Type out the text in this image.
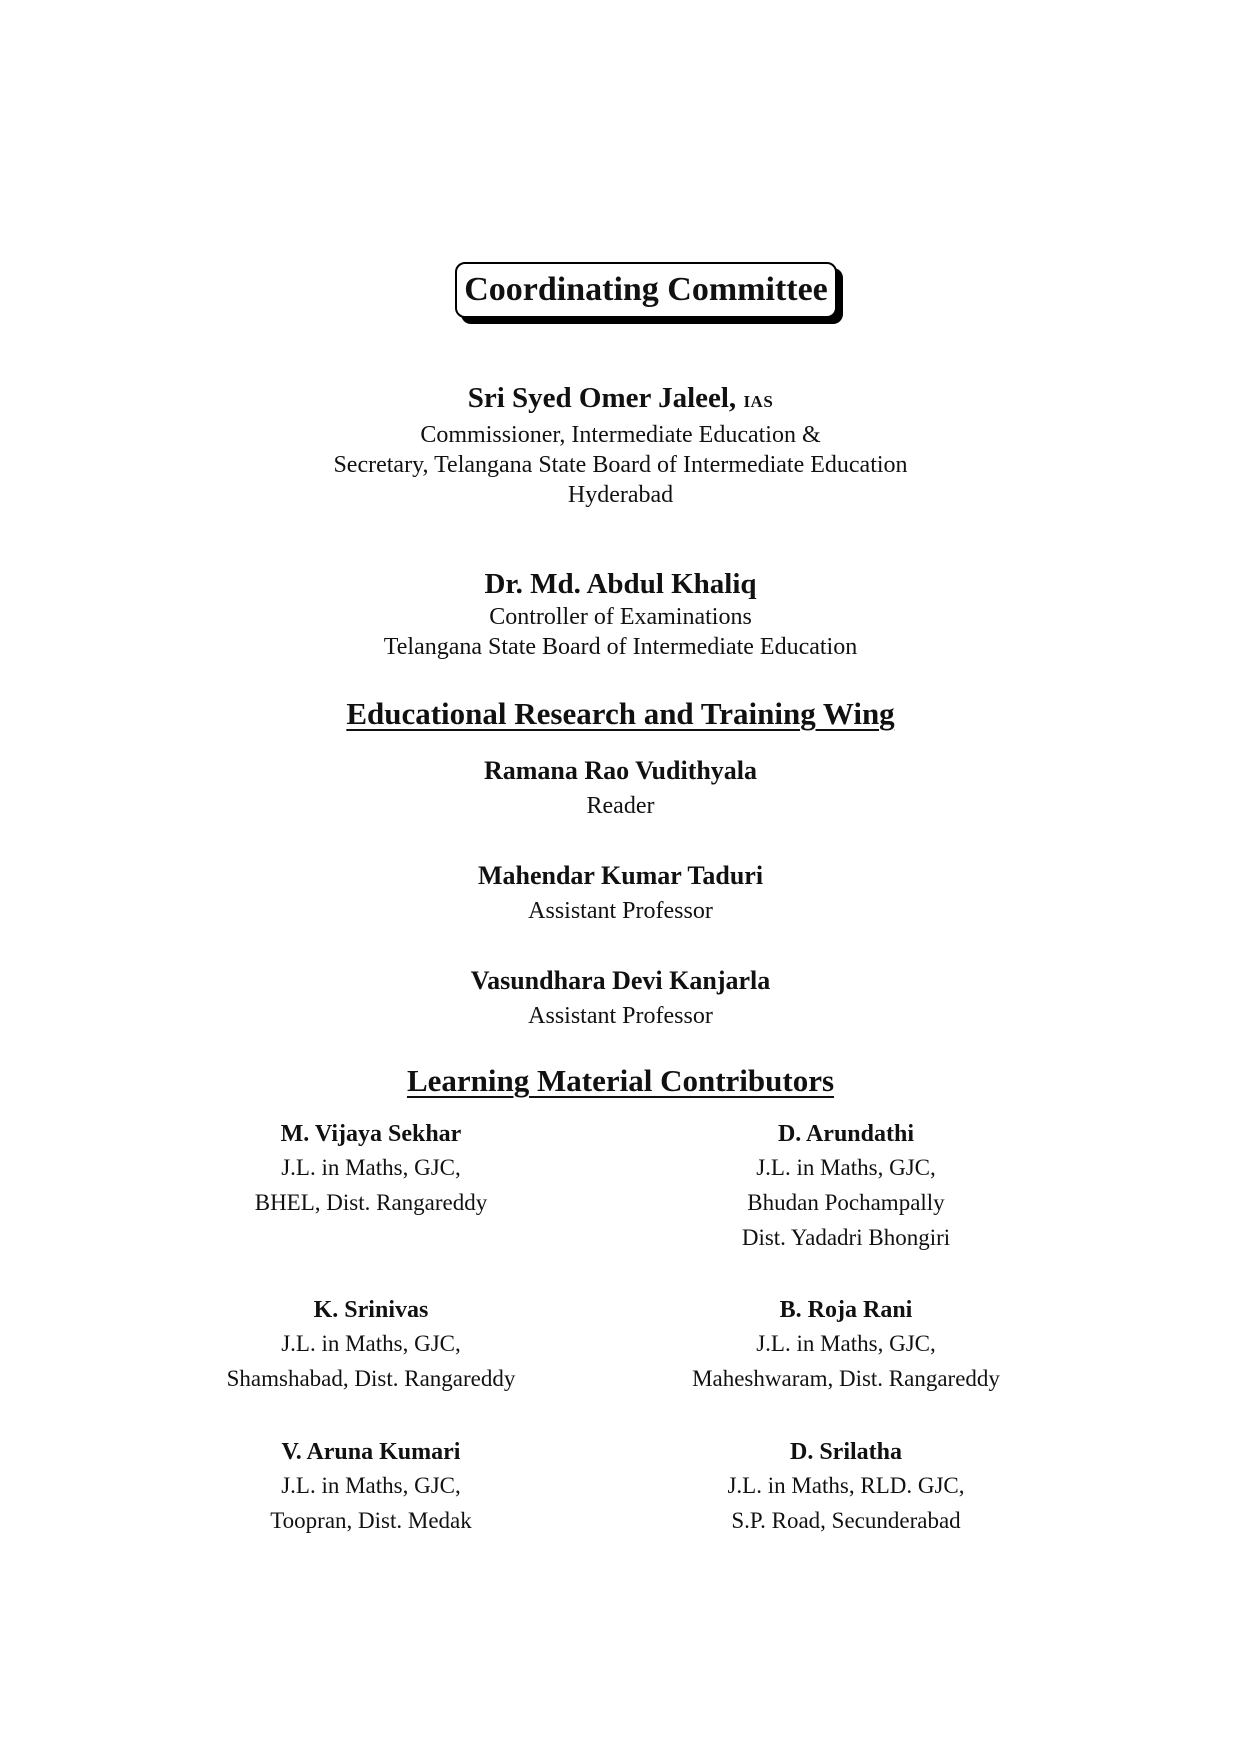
Coordinating Committee
Sri Syed Omer Jaleel, IAS
Commissioner, Intermediate Education &
Secretary, Telangana State Board of Intermediate Education
Hyderabad
Dr. Md. Abdul Khaliq
Controller of Examinations
Telangana State Board of Intermediate Education
Educational Research and Training Wing
Ramana Rao Vudithyala
Reader
Mahendar Kumar Taduri
Assistant Professor
Vasundhara Devi Kanjarla
Assistant Professor
Learning Material Contributors
M. Vijaya Sekhar
J.L. in Maths, GJC,
BHEL, Dist. Rangareddy
K. Srinivas
J.L. in Maths, GJC,
Shamshabad, Dist. Rangareddy
V. Aruna Kumari
J.L. in Maths, GJC,
Toopran, Dist. Medak
D. Arundathi
J.L. in Maths, GJC,
Bhudan Pochampally
Dist. Yadadri Bhongiri
B. Roja Rani
J.L. in Maths, GJC,
Maheshwaram, Dist. Rangareddy
D. Srilatha
J.L. in Maths, RLD. GJC,
S.P. Road, Secunderabad
